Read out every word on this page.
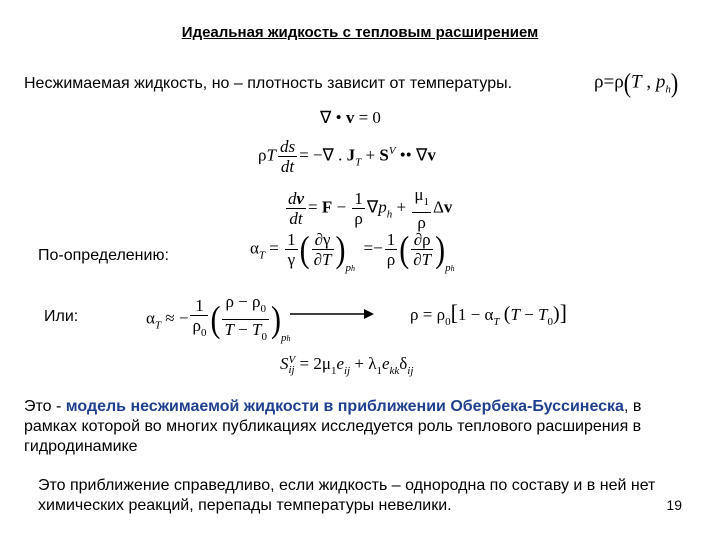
Идеальная жидкость с тепловым расширением
Несжимаемая жидкость, но – плотность зависит от температуры.	ρ=ρ(T , $p_h$)
∇ • v = 0
ρT $\frac{ds}{dt}$ = −∇ . $J_T + S^V$ •• ∇v
$\frac{dv}{dt} = F - \frac{1}{\rho} \nabla p_h + \frac{\mu_1}{\rho}$ Δv
По-определению:	$\alpha_T = \frac{1}{\gamma}$ ( $\frac{\partial\gamma}{\partial T} )ph =- \frac{1}{\rho}$ ( $\frac{\partial\rho}{\partial T} )ph$
Или:	$\alpha_T$ ≈ − $\frac{1}{\rho_0}$ ( $\frac{\rho - \rho_0}{T - T_0} )ph$
$\rho = \rho_0[1 - \alpha_T$ $(T - T_0)$]
S V
ij = $2\mu_1e_{ij} + \lambda_1e_{kk}\delta_{ij}$
Это - модель несжимаемой жидкости в приближении Обербека-Буссинеска, в рамках которой во многих публикациях исследуется роль теплового расширения в гидродинамике
Это приближение справедливо, если жидкость – однородна по составу и в ней нет химических реакций, перепады температуры невелики.	19
